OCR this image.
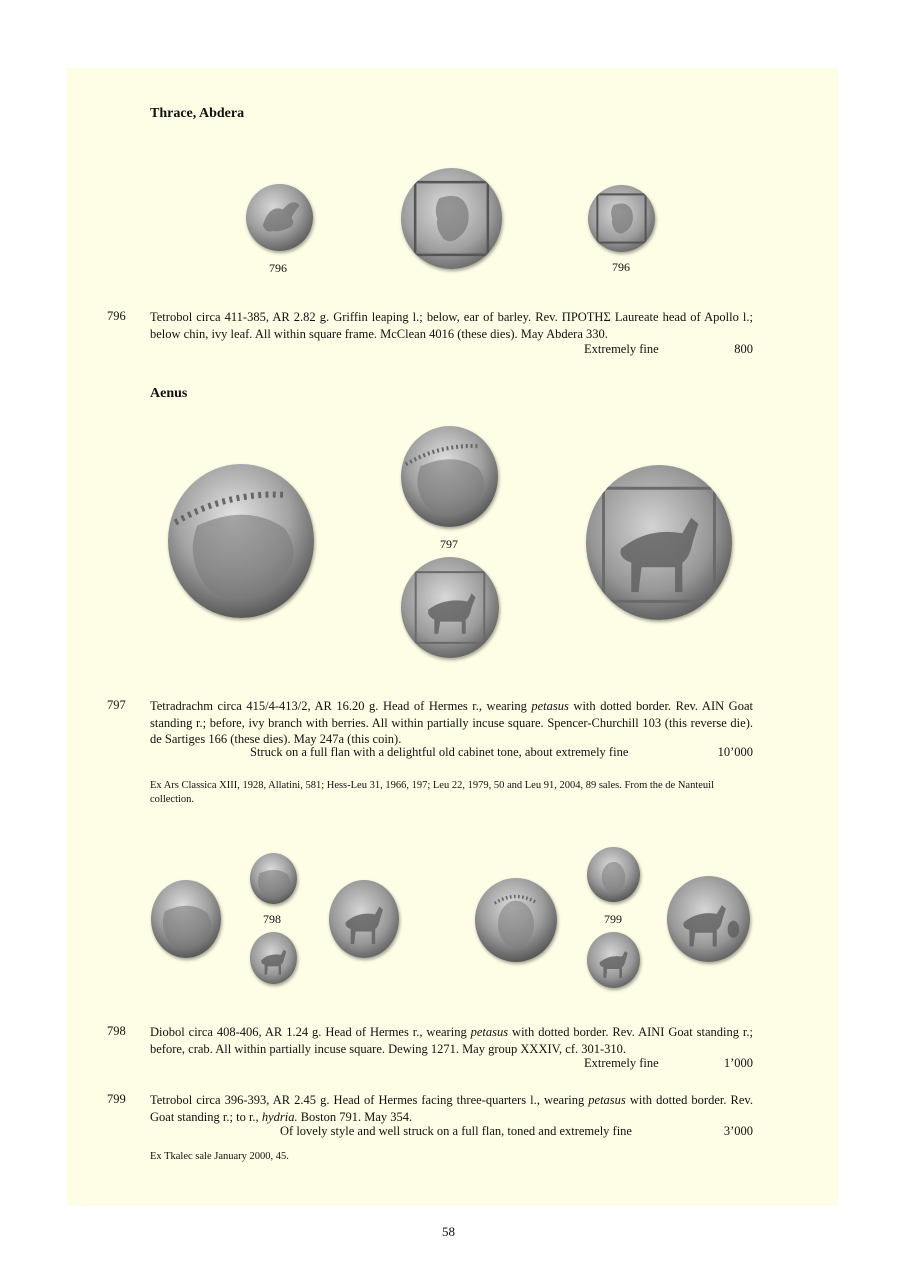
Thrace, Abdera
796	796
796 Tetrobol circa 411-385, AR 2.82 g. Griffin leaping l.; below, ear of barley. Rev. ΠΡΟΤΗΣ Laureate head of Apollo l.; below chin, ivy leaf. All within square frame. McClean 4016 (these dies). May Abdera 330.
Extremely fine	800
Aenus
797
797 Tetradrachm circa 415/4-413/2, AR 16.20 g. Head of Hermes r., wearing petasus with dotted border. Rev. AIN Goat standing r.; before, ivy branch with berries. All within partially incuse square. Spencer-Churchill 103 (this reverse die). de Sartiges 166 (these dies). May 247a (this coin).
Struck on a full flan with a delightful old cabinet tone, about extremely fine	10’000
Ex Ars Classica XIII, 1928, Allatini, 581; Hess-Leu 31, 1966, 197; Leu 22, 1979, 50 and Leu 91, 2004, 89 sales. From the de Nanteuil collection.
798	799
798 Diobol circa 408-406, AR 1.24 g. Head of Hermes r., wearing petasus with dotted border. Rev. AINI Goat standing r.; before, crab. All within partially incuse square. Dewing 1271. May group XXXIV, cf. 301-310.
Extremely fine	1’000
799 Tetrobol circa 396-393, AR 2.45 g. Head of Hermes facing three-quarters l., wearing petasus with dotted border. Rev. Goat standing r.; to r., hydria. Boston 791. May 354.
Of lovely style and well struck on a full flan, toned and extremely fine	3’000
Ex Tkalec sale January 2000, 45.
58
